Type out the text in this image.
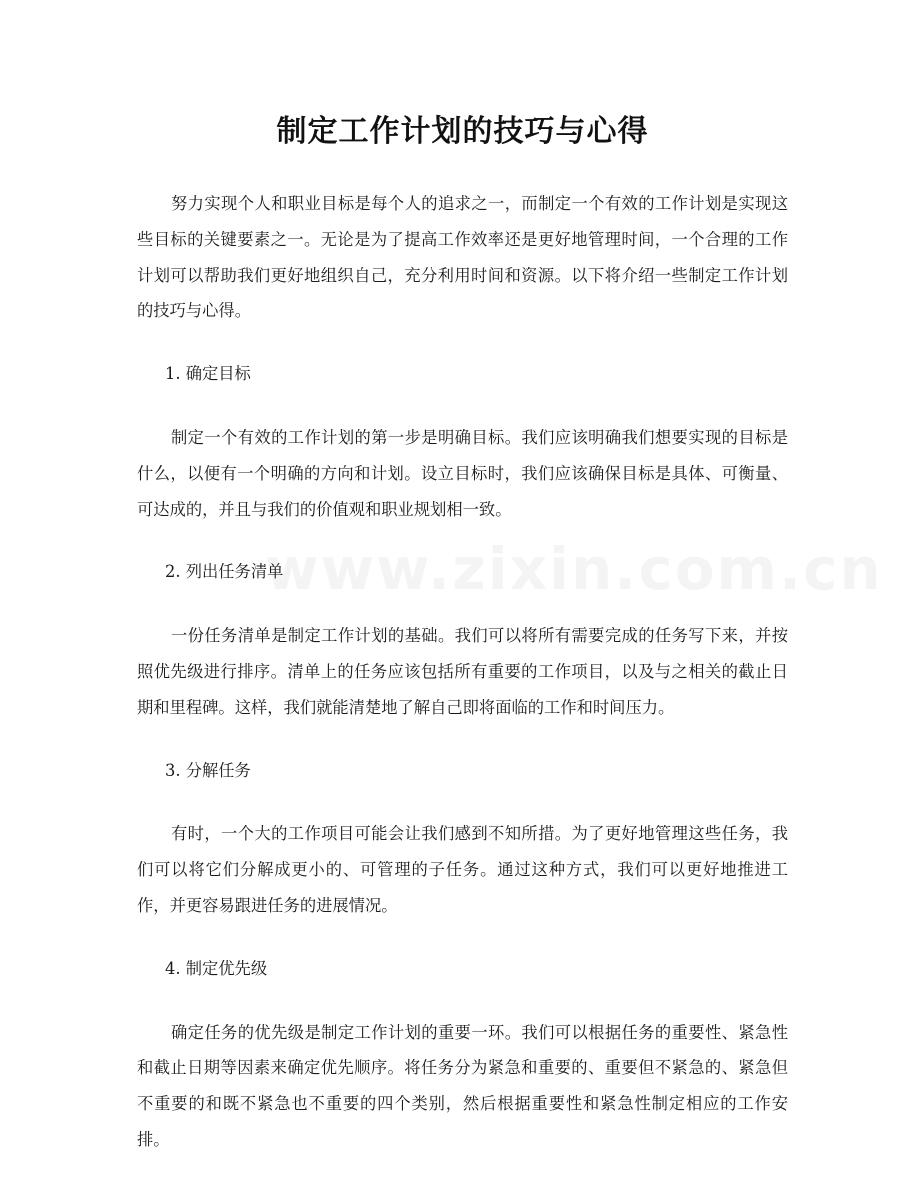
制定工作计划的技巧与心得

努力实现个人和职业目标是每个人的追求之一，而制定一个有效的工作计划是实现这些目标的关键要素之一。无论是为了提高工作效率还是更好地管理时间，一个合理的工作计划可以帮助我们更好地组织自己，充分利用时间和资源。以下将介绍一些制定工作计划的技巧与心得。

1. 确定目标

制定一个有效的工作计划的第一步是明确目标。我们应该明确我们想要实现的目标是什么，以便有一个明确的方向和计划。设立目标时，我们应该确保目标是具体、可衡量、可达成的，并且与我们的价值观和职业规划相一致。

2. 列出任务清单

一份任务清单是制定工作计划的基础。我们可以将所有需要完成的任务写下来，并按照优先级进行排序。清单上的任务应该包括所有重要的工作项目，以及与之相关的截止日期和里程碑。这样，我们就能清楚地了解自己即将面临的工作和时间压力。

3. 分解任务

有时，一个大的工作项目可能会让我们感到不知所措。为了更好地管理这些任务，我们可以将它们分解成更小的、可管理的子任务。通过这种方式，我们可以更好地推进工作，并更容易跟进任务的进展情况。

4. 制定优先级

确定任务的优先级是制定工作计划的重要一环。我们可以根据任务的重要性、紧急性和截止日期等因素来确定优先顺序。将任务分为紧急和重要的、重要但不紧急的、紧急但不重要的和既不紧急也不重要的四个类别，然后根据重要性和紧急性制定相应的工作安排。
